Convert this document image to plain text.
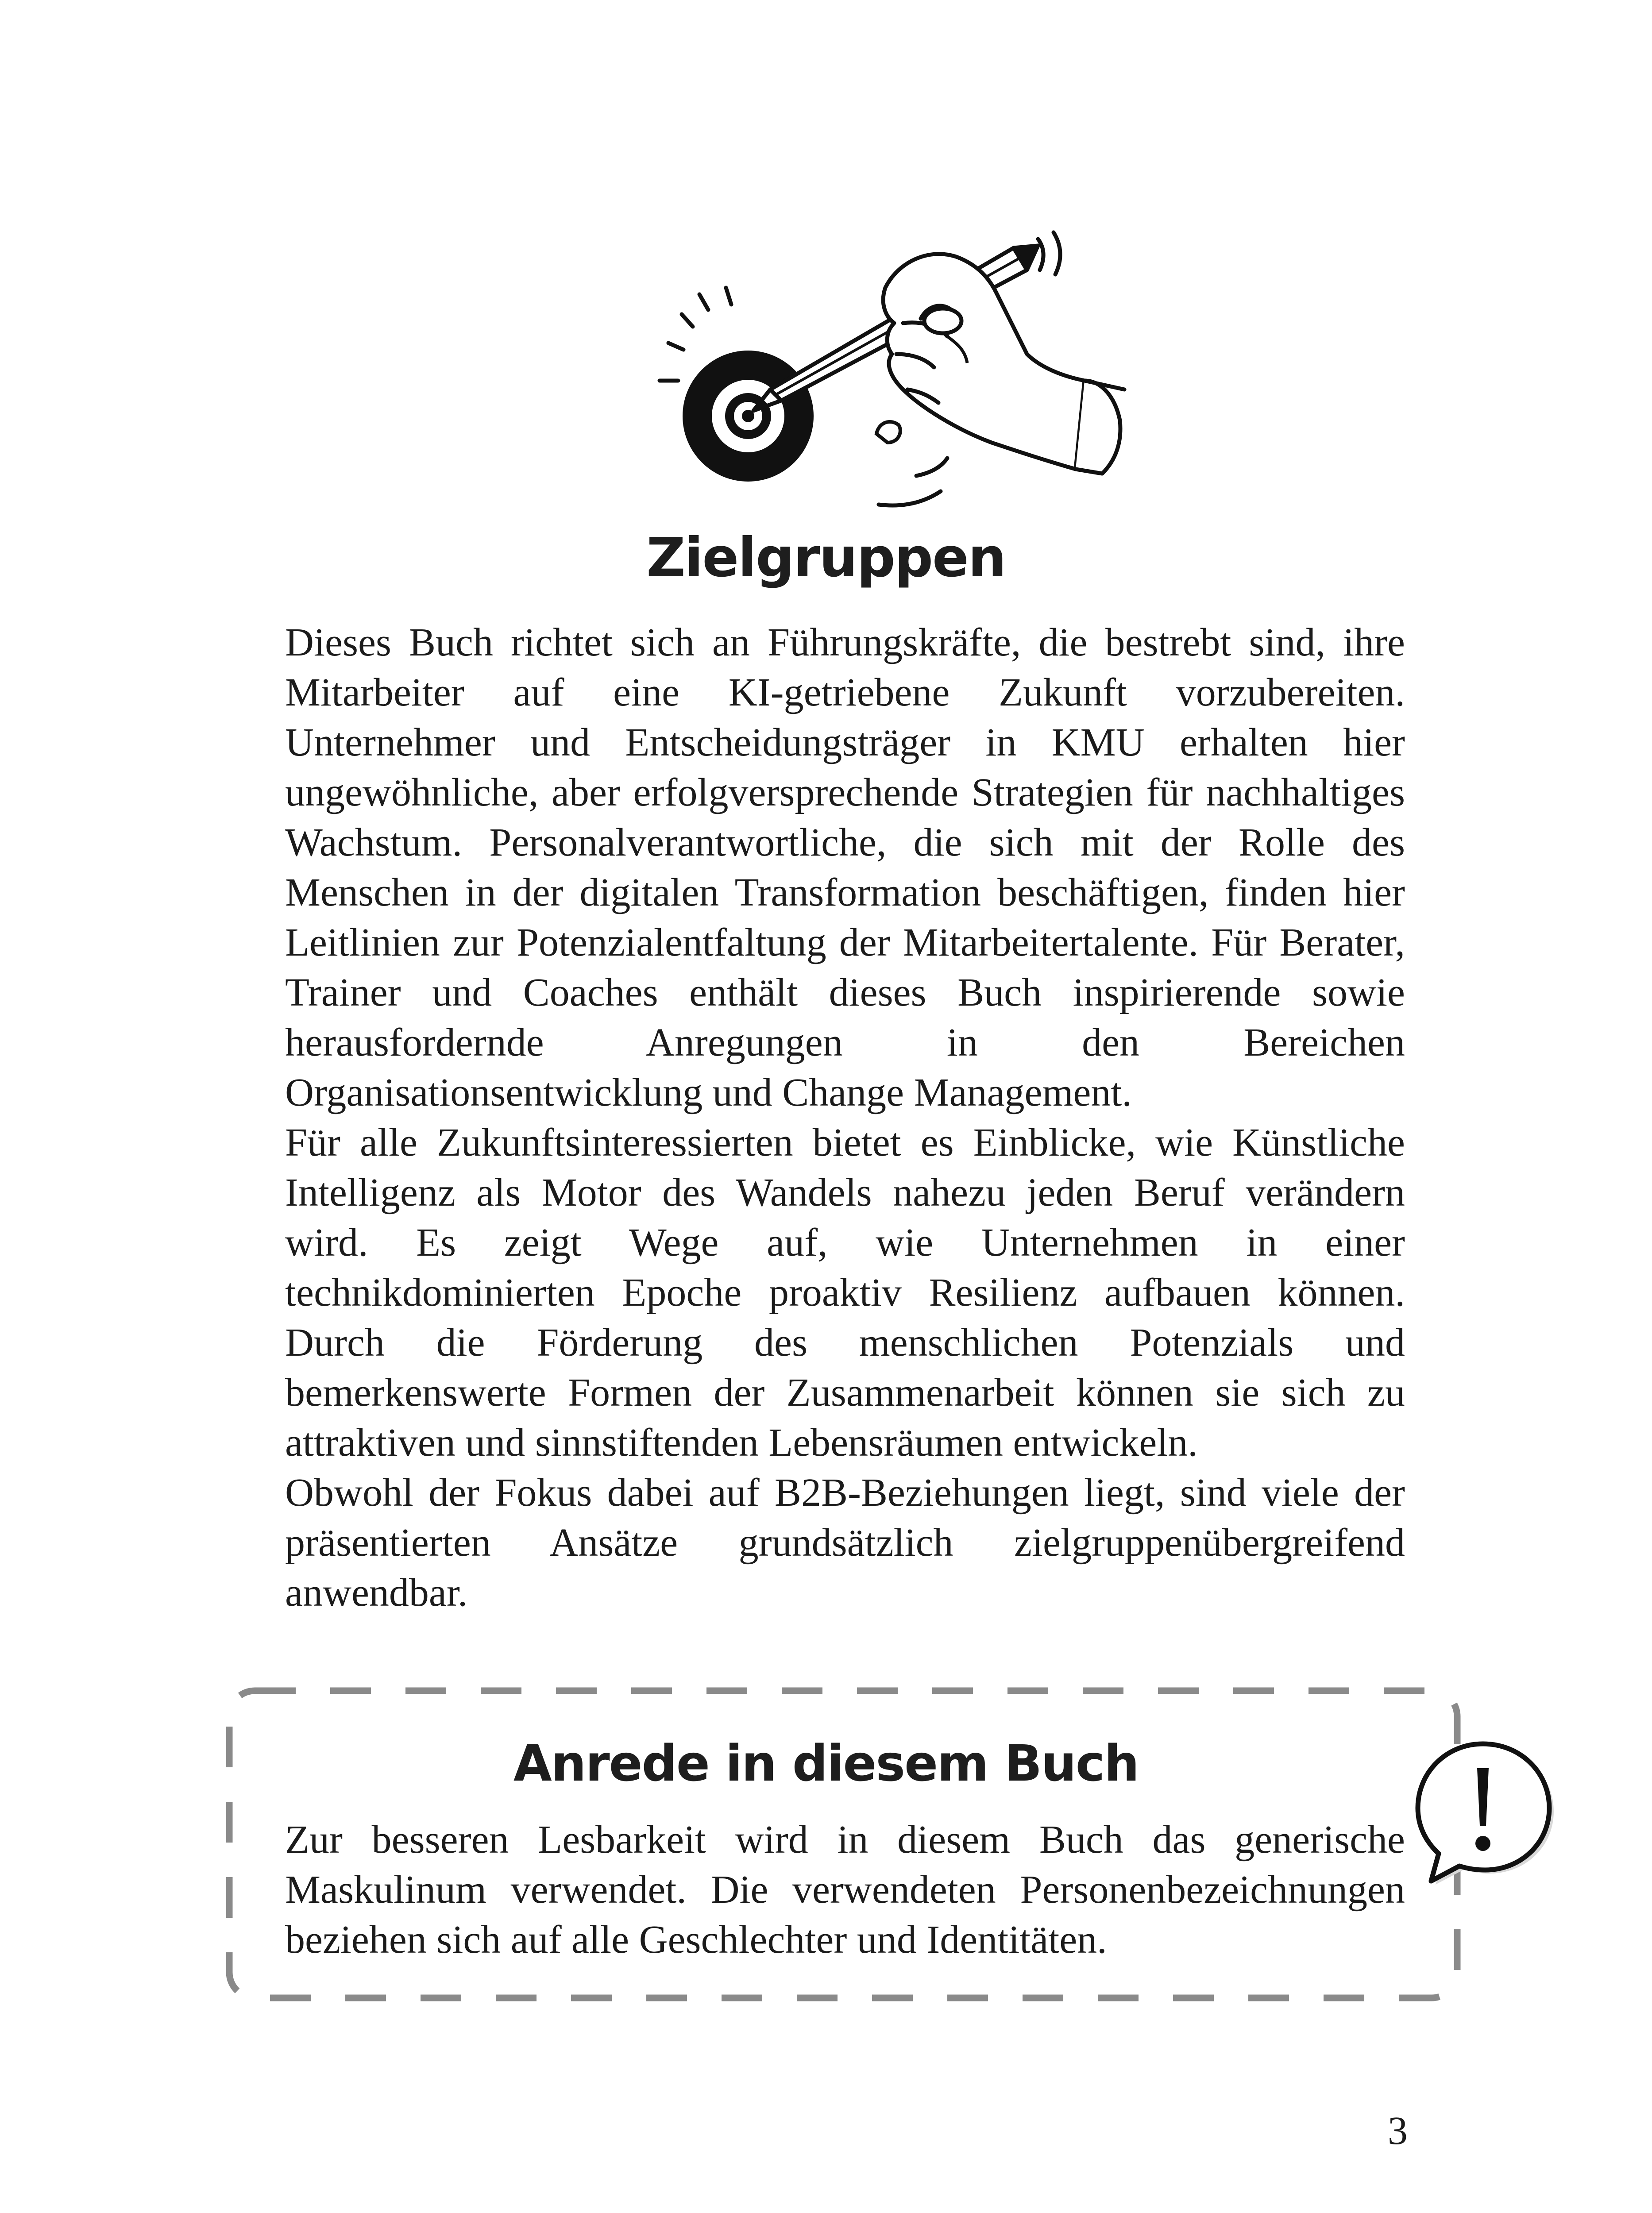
Zielgruppen

Dieses Buch richtet sich an Führungskräfte, die bestrebt sind, ihre Mitarbeiter auf eine KI-getriebene Zukunft vorzubereiten. Unternehmer und Entscheidungsträger in KMU erhalten hier ungewöhnliche, aber erfolgversprechende Strategien für nachhaltiges Wachstum. Personalverantwortliche, die sich mit der Rolle des Menschen in der digitalen Transformation beschäftigen, finden hier Leitlinien zur Potenzialentfaltung der Mitarbeitertalente. Für Berater, Trainer und Coaches enthält dieses Buch inspirierende sowie herausfordernde Anregungen in den Bereichen Organisationsentwicklung und Change Management.

Für alle Zukunftsinteressierten bietet es Einblicke, wie Künstliche Intelligenz als Motor des Wandels nahezu jeden Beruf verändern wird. Es zeigt Wege auf, wie Unternehmen in einer technikdominierten Epoche proaktiv Resilienz aufbauen können. Durch die Förderung des menschlichen Potenzials und bemerkenswerte Formen der Zusammenarbeit können sie sich zu attraktiven und sinnstiftenden Lebensräumen entwickeln.

Obwohl der Fokus dabei auf B2B-Beziehungen liegt, sind viele der präsentierten Ansätze grundsätzlich zielgruppenübergreifend anwendbar.

Anrede in diesem Buch

Zur besseren Lesbarkeit wird in diesem Buch das generische Maskulinum verwendet. Die verwendeten Personenbezeichnungen beziehen sich auf alle Geschlechter und Identitäten.

3
